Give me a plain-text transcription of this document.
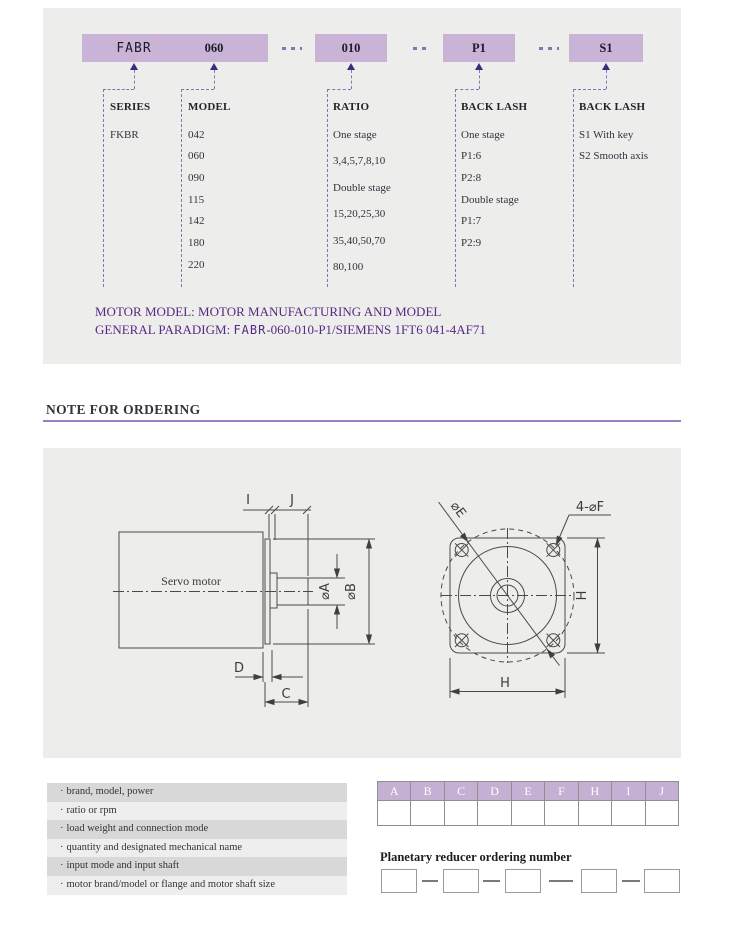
FABR	060	010	P1	S1
SERIES
FKBR
MODEL
042
060
090
115
142
180
220
RATIO
One stage
3,4,5,7,8,10
Double stage
15,20,25,30
35,40,50,70
80,100
BACK LASH
One stage
P1:6
P2:8
Double stage
P1:7
P2:9
BACK LASH
S1 With key
S2 Smooth axis
MOTOR MODEL: MOTOR MANUFACTURING AND MODEL
GENERAL PARADIGM: FABR-060-010-P1/SIEMENS 1FT6 041-4AF71
NOTE FOR ORDERING
I	J
Servo motor
⌀A ⌀B
D
C
⌀E	4-⌀F
H
H
· brand, model, power
· ratio or rpm
· load weight and connection mode
· quantity and designated mechanical name
· input mode and input shaft
· motor brand/model or flange and motor shaft size
A	B	C	D	E	F	H	I	J
Planetary reducer ordering number
